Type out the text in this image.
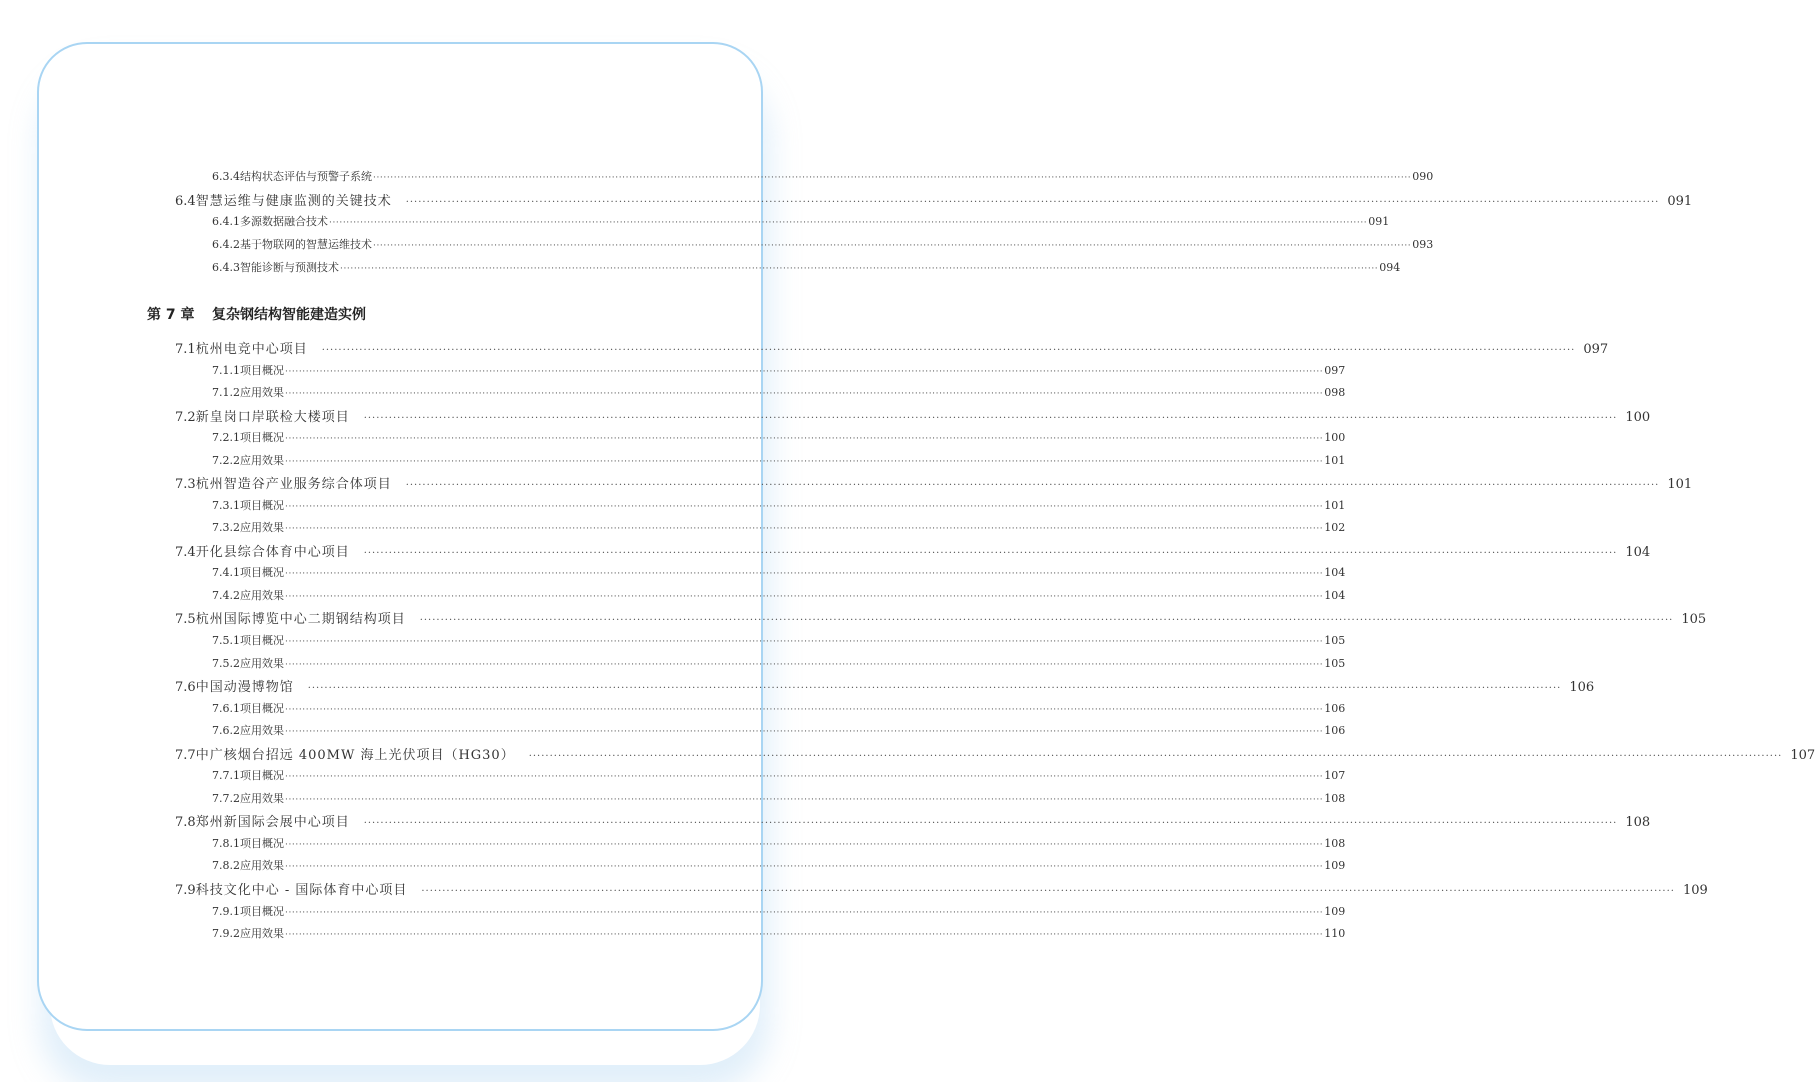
6.3.4 结构状态评估与预警子系统 ············································································································································································································································································································ 090
6.4 智慧运维与健康监测的关键技术 ············································································································································································································································································································ 091
6.4.1 多源数据融合技术 ············································································································································································································································································································ 091
6.4.2 基于物联网的智慧运维技术 ············································································································································································································································································································ 093
6.4.3 智能诊断与预测技术 ············································································································································································································································································································ 094
第 7 章 复杂钢结构智能建造实例
7.1 杭州电竞中心项目 ············································································································································································································································································································ 097
7.1.1 项目概况 ············································································································································································································································································································ 097
7.1.2 应用效果 ············································································································································································································································································································ 098
7.2 新皇岗口岸联检大楼项目 ············································································································································································································································································································ 100
7.2.1 项目概况 ············································································································································································································································································································ 100
7.2.2 应用效果 ············································································································································································································································································································ 101
7.3 杭州智造谷产业服务综合体项目 ············································································································································································································································································································ 101
7.3.1 项目概况 ············································································································································································································································································································ 101
7.3.2 应用效果 ············································································································································································································································································································ 102
7.4 开化县综合体育中心项目 ············································································································································································································································································································ 104
7.4.1 项目概况 ············································································································································································································································································································ 104
7.4.2 应用效果 ············································································································································································································································································································ 104
7.5 杭州国际博览中心二期钢结构项目 ············································································································································································································································································································ 105
7.5.1 项目概况 ············································································································································································································································································································ 105
7.5.2 应用效果 ············································································································································································································································································································ 105
7.6 中国动漫博物馆 ············································································································································································································································································································ 106
7.6.1 项目概况 ············································································································································································································································································································ 106
7.6.2 应用效果 ············································································································································································································································································································ 106
7.7 中广核烟台招远 400MW 海上光伏项目（HG30） ············································································································································································································································································································ 107
7.7.1 项目概况 ············································································································································································································································································································ 107
7.7.2 应用效果 ············································································································································································································································································································ 108
7.8 郑州新国际会展中心项目 ············································································································································································································································································································ 108
7.8.1 项目概况 ············································································································································································································································································································ 108
7.8.2 应用效果 ············································································································································································································································································································ 109
7.9 科技文化中心 - 国际体育中心项目 ············································································································································································································································································································ 109
7.9.1 项目概况 ············································································································································································································································································································ 109
7.9.2 应用效果 ············································································································································································································································································································ 110
